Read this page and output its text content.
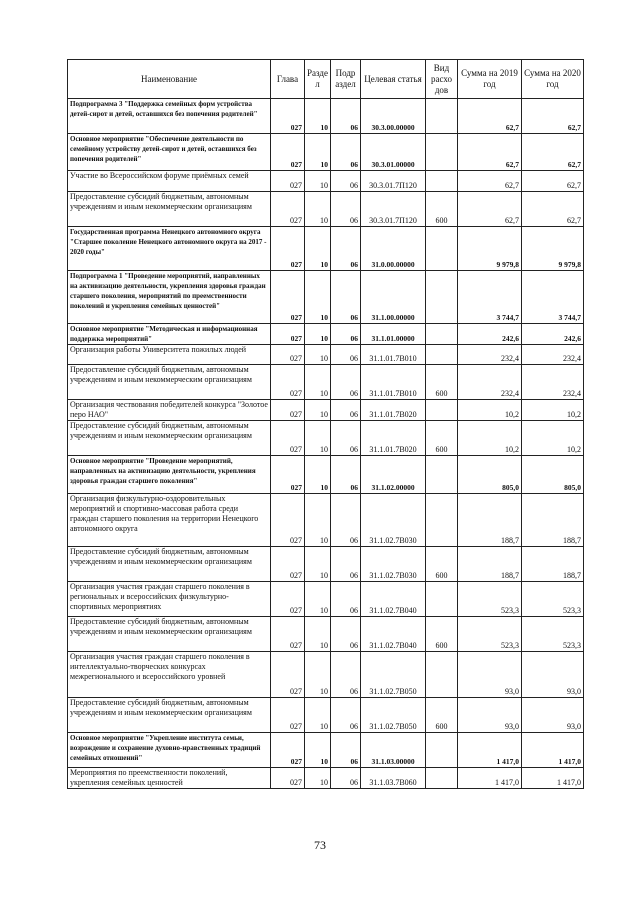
Наименование	Глава	Разде л	Подр аздел	Целевая статья	Вид расхо дов	Сумма на 2019 год	Сумма на 2020 год
Подпрограмма 3 "Поддержка семейных форм устройства детей-сирот и детей, оставшихся без попечения родителей"	027	10	06	30.3.00.00000		62,7	62,7
Основное мероприятие "Обеспечение деятельности по семейному устройству детей-сирот и детей, оставшихся без попечения родителей"	027	10	06	30.3.01.00000		62,7	62,7
Участие во Всероссийском форуме приёмных семей	027	10	06	30.3.01.7П120		62,7	62,7
Предоставление субсидий бюджетным, автономным учреждениям и иным некоммерческим организациям	027	10	06	30.3.01.7П120	600	62,7	62,7
Государственная программа Ненецкого автономного округа "Старшее поколение Ненецкого автономного округа на 2017 - 2020 годы"	027	10	06	31.0.00.00000		9 979,8	9 979,8
Подпрограмма 1 "Проведение мероприятий, направленных на активизацию деятельности, укрепления здоровья граждан старшего поколения, мероприятий по преемственности поколений и укрепления семейных ценностей"	027	10	06	31.1.00.00000		3 744,7	3 744,7
Основное мероприятие "Методическая и информационная поддержка мероприятий"	027	10	06	31.1.01.00000		242,6	242,6
Организация работы Университета пожилых людей	027	10	06	31.1.01.7В010		232,4	232,4
Предоставление субсидий бюджетным, автономным учреждениям и иным некоммерческим организациям	027	10	06	31.1.01.7В010	600	232,4	232,4
Организация чествования победителей конкурса "Золотое перо НАО"	027	10	06	31.1.01.7В020		10,2	10,2
Предоставление субсидий бюджетным, автономным учреждениям и иным некоммерческим организациям	027	10	06	31.1.01.7В020	600	10,2	10,2
Основное мероприятие "Проведение мероприятий, направленных на активизацию деятельности, укрепления здоровья граждан старшего поколения"	027	10	06	31.1.02.00000		805,0	805,0
Организация физкультурно-оздоровительных мероприятий и спортивно-массовая работа среди граждан старшего поколения на территории Ненецкого автономного округа	027	10	06	31.1.02.7В030		188,7	188,7
Предоставление субсидий бюджетным, автономным учреждениям и иным некоммерческим организациям	027	10	06	31.1.02.7В030	600	188,7	188,7
Организация участия граждан старшего поколения в региональных и всероссийских физкультурно-спортивных мероприятиях	027	10	06	31.1.02.7В040		523,3	523,3
Предоставление субсидий бюджетным, автономным учреждениям и иным некоммерческим организациям	027	10	06	31.1.02.7В040	600	523,3	523,3
Организация участия граждан старшего поколения в интеллектуально-творческих конкурсах межрегионального и всероссийского уровней	027	10	06	31.1.02.7В050		93,0	93,0
Предоставление субсидий бюджетным, автономным учреждениям и иным некоммерческим организациям	027	10	06	31.1.02.7В050	600	93,0	93,0
Основное мероприятие "Укрепление института семьи, возрождение и сохранение духовно-нравственных традиций семейных отношений"	027	10	06	31.1.03.00000		1 417,0	1 417,0
Мероприятия по преемственности поколений, укрепления семейных ценностей	027	10	06	31.1.03.7В060		1 417,0	1 417,0
73
